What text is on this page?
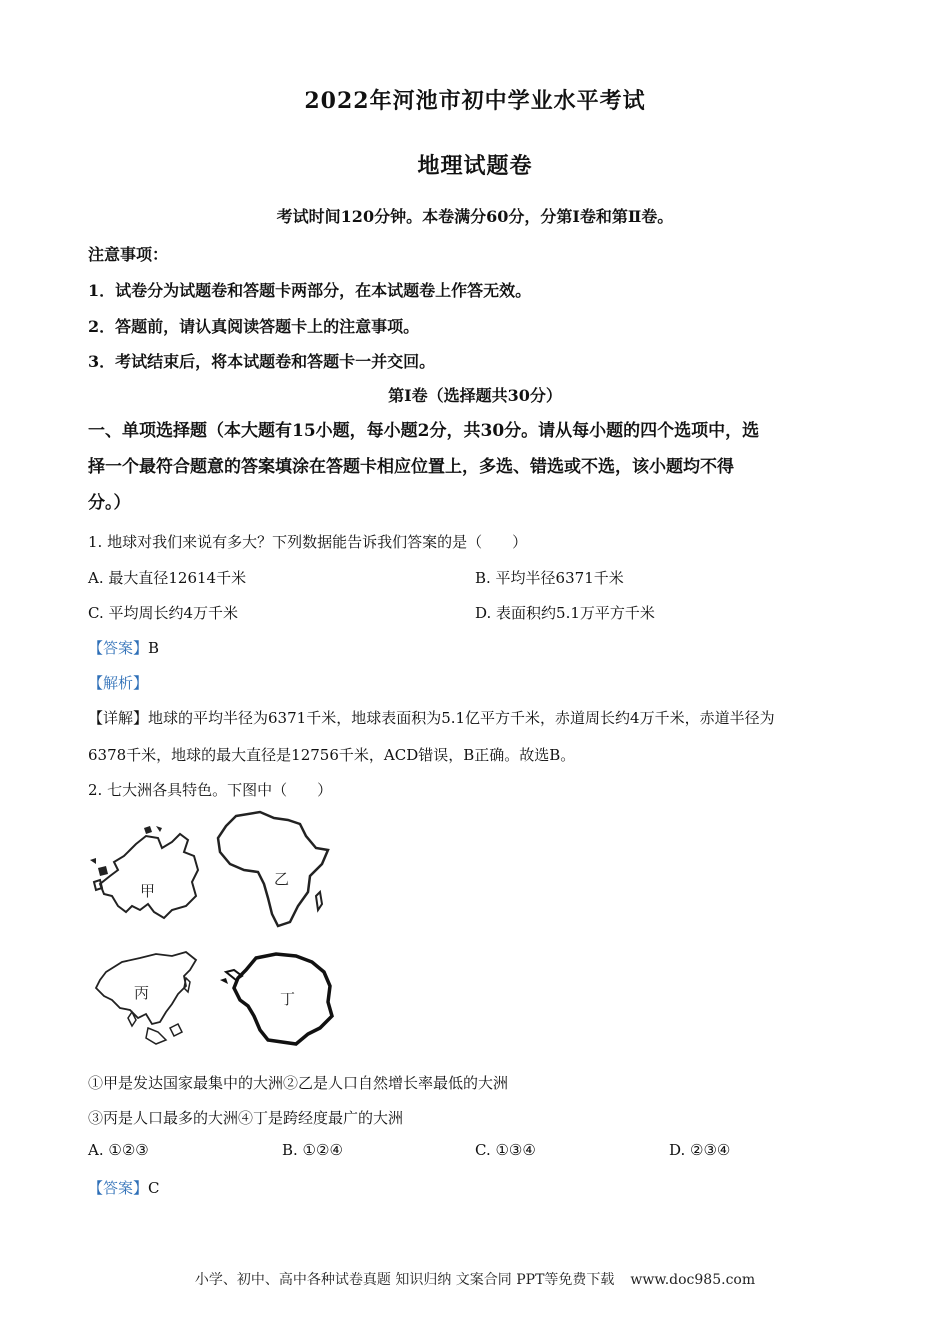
2022年河池市初中学业水平考试
地理试题卷
考试时间120分钟。本卷满分60分，分第Ⅰ卷和第Ⅱ卷。
注意事项：
1．试卷分为试题卷和答题卡两部分，在本试题卷上作答无效。
2．答题前，请认真阅读答题卡上的注意事项。
3．考试结束后，将本试题卷和答题卡一并交回。
第Ⅰ卷（选择题共30分）
一、单项选择题（本大题有15小题，每小题2分，共30分。请从每小题的四个选项中，选
择一个最符合题意的答案填涂在答题卡相应位置上，多选、错选或不选，该小题均不得
分。）
1. 地球对我们来说有多大？下列数据能告诉我们答案的是（　　）
A. 最大直径12614千米	B. 平均半径6371千米
C. 平均周长约4万千米	D. 表面积约5.1万平方千米
【答案】B
【解析】
【详解】地球的平均半径为6371千米，地球表面积为5.1亿平方千米，赤道周长约4万千米，赤道半径为
6378千米，地球的最大直径是12756千米，ACD错误，B正确。故选B。
2. 七大洲各具特色。下图中（　　）
甲
乙
丙	丁
①甲是发达国家最集中的大洲②乙是人口自然增长率最低的大洲
③丙是人口最多的大洲④丁是跨经度最广的大洲
A. ①②③	B. ①②④	C. ①③④	D. ②③④
【答案】C
小学、初中、高中各种试卷真题 知识归纳 文案合同 PPT等免费下载 www.doc985.com
